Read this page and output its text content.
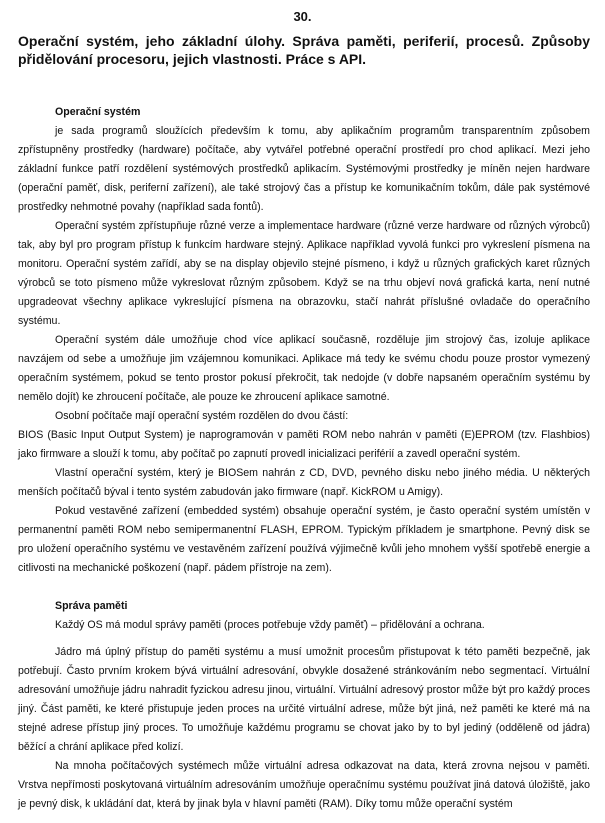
30.
Operační systém, jeho základní úlohy. Správa paměti, periferií, procesů. Způsoby přidělování procesoru, jejich vlastnosti. Práce s API.
Operační systém

je sada programů sloužících především k tomu, aby aplikačním programům transparentním způsobem zpřístupněny prostředky (hardware) počítače, aby vytvářel potřebné operační prostředí pro chod aplikací. Mezi jeho základní funkce patří rozdělení systémových prostředků aplikacím. Systémovými prostředky je míněn nejen hardware (operační paměť, disk, periferní zařízení), ale také strojový čas a přístup ke komunikačním tokům, dále pak systémové prostředky nehmotné povahy (například sada fontů).

Operační systém zpřístupňuje různé verze a implementace hardware (různé verze hardware od různých výrobců) tak, aby byl pro program přístup k funkcím hardware stejný. Aplikace například vyvolá funkci pro vykreslení písmena na monitoru. Operační systém zařídí, aby se na display objevilo stejné písmeno, i když u různých grafických karet různých výrobců se toto písmeno může vykreslovat různým způsobem. Když se na trhu objeví nová grafická karta, není nutné upgradeovat všechny aplikace vykreslující písmena na obrazovku, stačí nahrát příslušné ovladače do operačního systému.

Operační systém dále umožňuje chod více aplikací současně, rozděluje jim strojový čas, izoluje aplikace navzájem od sebe a umožňuje jim vzájemnou komunikaci. Aplikace má tedy ke svému chodu pouze prostor vymezený operačním systémem, pokud se tento prostor pokusí překročit, tak nedojde (v dobře napsaném operačním systému by nemělo dojít) ke zhroucení počítače, ale pouze ke zhroucení aplikace samotné.

Osobní počítače mají operační systém rozdělen do dvou částí:

BIOS (Basic Input Output System) je naprogramován v paměti ROM nebo nahrán v paměti (E)EPROM (tzv. Flashbios) jako firmware a slouží k tomu, aby počítač po zapnutí provedl inicializaci periférií a zavedl operační systém.

Vlastní operační systém, který je BIOSem nahrán z CD, DVD, pevného disku nebo jiného média. U některých menších počítačů býval i tento systém zabudován jako firmware (např. KickROM u Amigy).

Pokud vestavěné zařízení (embedded systém) obsahuje operační systém, je často operační systém umístěn v permanentní paměti ROM nebo semipermanentní FLASH, EPROM. Typickým příkladem je smartphone. Pevný disk se pro uložení operačního systému ve vestavěném zařízení používá výjimečně kvůli jeho mnohem vyšší spotřebě energie a citlivosti na mechanické poškození (např. pádem přístroje na zem).

Správa paměti

Každý OS má modul správy paměti (proces potřebuje vždy paměť) – přidělování a ochrana.

Jádro má úplný přístup do paměti systému a musí umožnit procesům přistupovat k této paměti bezpečně, jak potřebují. Často prvním krokem bývá virtuální adresování, obvykle dosažené stránkováním nebo segmentací. Virtuální adresování umožňuje jádru nahradit fyzickou adresu jinou, virtuální. Virtuální adresový prostor může být pro každý proces jiný. Část paměti, ke které přistupuje jeden proces na určité virtuální adrese, může být jiná, než paměti ke které má na stejné adrese přístup jiný proces. To umožňuje každému programu se chovat jako by to byl jediný (odděleně od jádra) běžící a chrání aplikace před kolizí.

Na mnoha počítačových systémech může virtuální adresa odkazovat na data, která zrovna nejsou v paměti. Vrstva nepřímosti poskytovaná virtuálním adresováním umožňuje operačnímu systému používat jiná datová úložiště, jako je pevný disk, k ukládání dat, která by jinak byla v hlavní paměti (RAM). Díky tomu může operační systém
